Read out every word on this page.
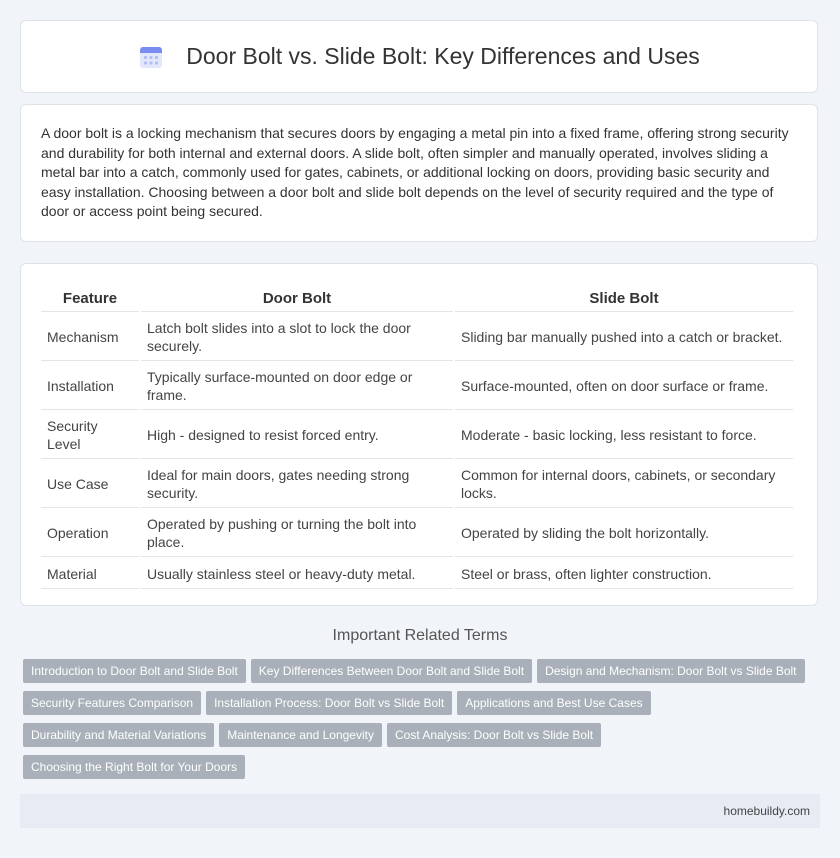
Door Bolt vs. Slide Bolt: Key Differences and Uses

A door bolt is a locking mechanism that secures doors by engaging a metal pin into a fixed frame, offering strong security and durability for both internal and external doors. A slide bolt, often simpler and manually operated, involves sliding a metal bar into a catch, commonly used for gates, cabinets, or additional locking on doors, providing basic security and easy installation. Choosing between a door bolt and slide bolt depends on the level of security required and the type of door or access point being secured.

Feature	Door Bolt	Slide Bolt
Mechanism	Latch bolt slides into a slot to lock the door securely.	Sliding bar manually pushed into a catch or bracket.
Installation	Typically surface-mounted on door edge or frame.	Surface-mounted, often on door surface or frame.
Security Level	High - designed to resist forced entry.	Moderate - basic locking, less resistant to force.
Use Case	Ideal for main doors, gates needing strong security.	Common for internal doors, cabinets, or secondary locks.
Operation	Operated by pushing or turning the bolt into place.	Operated by sliding the bolt horizontally.
Material	Usually stainless steel or heavy-duty metal.	Steel or brass, often lighter construction.
Important Related Terms
Introduction to Door Bolt and Slide Bolt Key Differences Between Door Bolt and Slide Bolt Design and Mechanism: Door Bolt vs Slide BoltSecurity Features Comparison Installation Process: Door Bolt vs Slide Bolt Applications and Best Use CasesDurability and Material Variations Maintenance and Longevity Cost Analysis: Door Bolt vs Slide BoltChoosing the Right Bolt for Your Doors
homebuildy.com
